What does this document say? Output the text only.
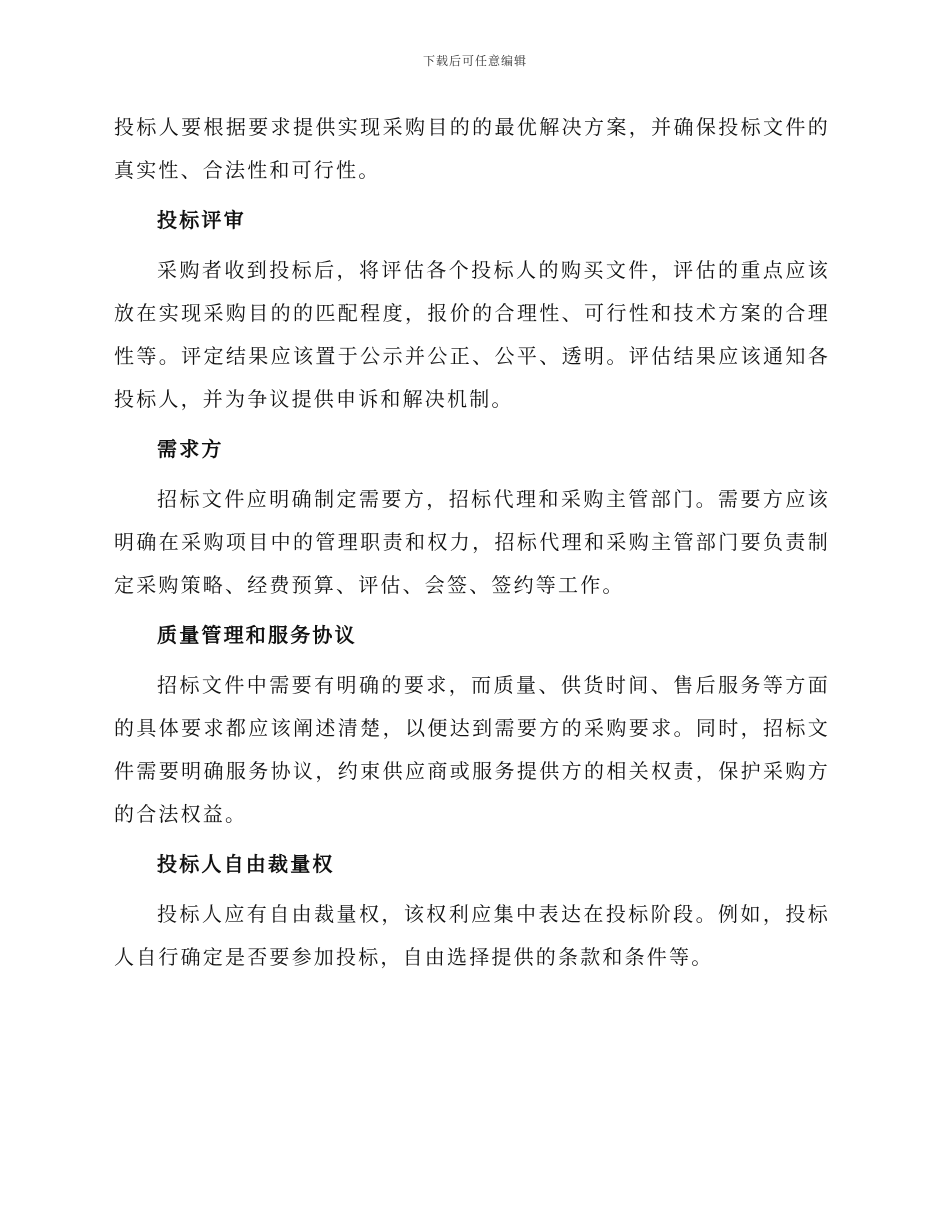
下载后可任意编辑

投标人要根据要求提供实现采购目的的最优解决方案，并确保投标文件的真实性、合法性和可行性。

投标评审

采购者收到投标后，将评估各个投标人的购买文件，评估的重点应该放在实现采购目的的匹配程度，报价的合理性、可行性和技术方案的合理性等。评定结果应该置于公示并公正、公平、透明。评估结果应该通知各投标人，并为争议提供申诉和解决机制。

需求方

招标文件应明确制定需要方，招标代理和采购主管部门。需要方应该明确在采购项目中的管理职责和权力，招标代理和采购主管部门要负责制定采购策略、经费预算、评估、会签、签约等工作。

质量管理和服务协议

招标文件中需要有明确的要求，而质量、供货时间、售后服务等方面的具体要求都应该阐述清楚，以便达到需要方的采购要求。同时，招标文件需要明确服务协议，约束供应商或服务提供方的相关权责，保护采购方的合法权益。

投标人自由裁量权

投标人应有自由裁量权，该权利应集中表达在投标阶段。例如，投标人自行确定是否要参加投标，自由选择提供的条款和条件等。
